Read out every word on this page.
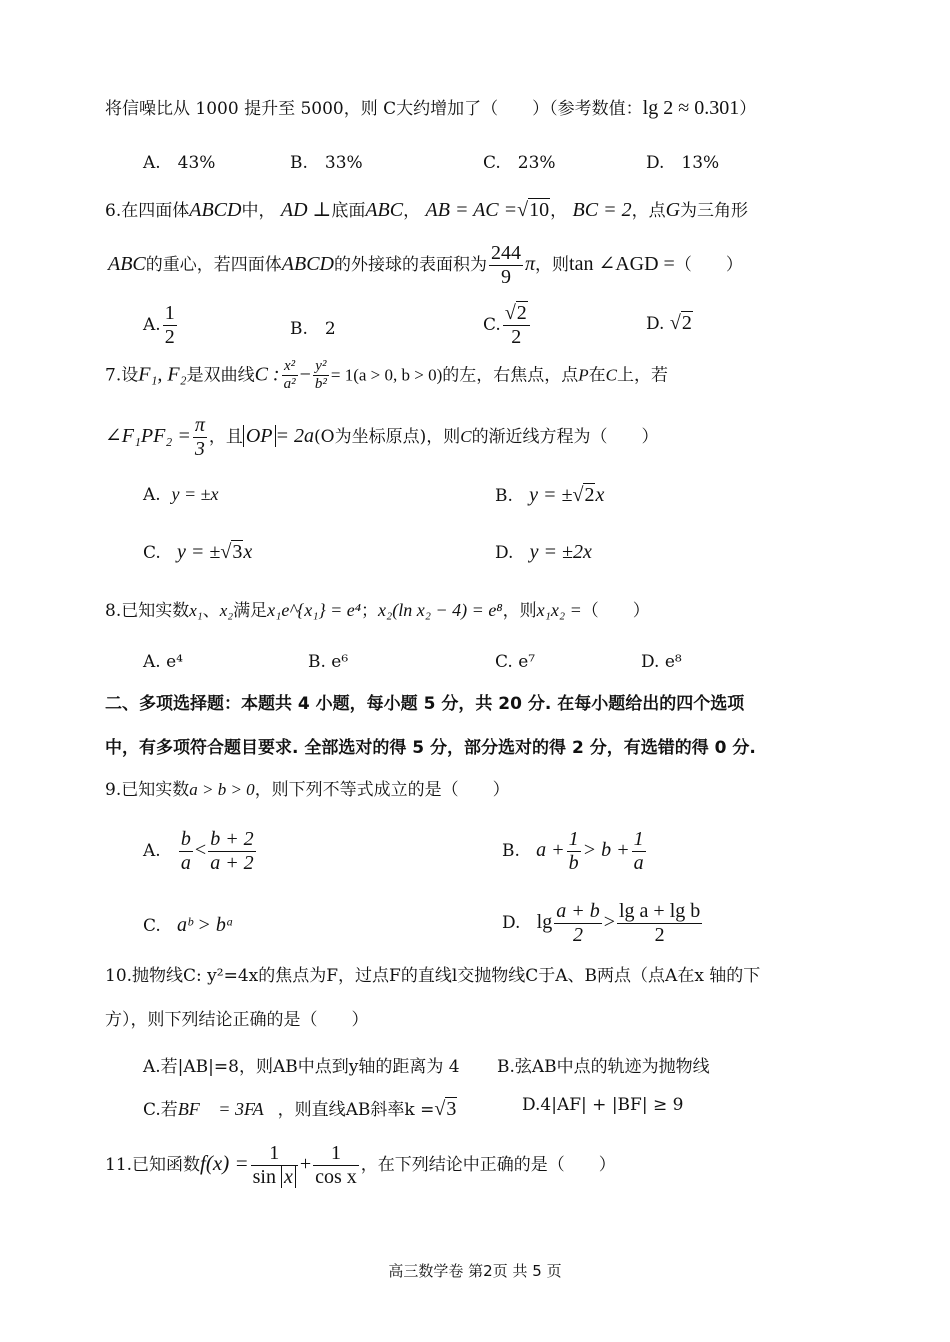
将信噪比从 1000 提升至 5000，则 C大约增加了（　　）（参考数值：lg 2 ≈ 0.301）
A.　43%	B.　33%	C.　23%	D.　13%
6.在四面体ABCD中， AD ⊥底面ABC， AB = AC =√10， BC = 2，点G为三角形
ABC的重心，若四面体ABCD的外接球的表面积为 $\frac{244}{9}$ π，则tan ∠AGD =（　　）
A. $\frac{1}{2}$	B.　2	C. $\frac{√2}{2}$	D. √2
7.设F₁, F₂是双曲线C : $\frac{\text{x²}}{\text{a²}} - \frac{\text{y²}}{\text{b²}} = 1(a > 0$, b > 0)的左，右焦点，点P在C上，若
∠F₁PF₂ = $\frac{\pi}{3}$ ，且 OP = 2a(O为坐标原点)，则C的渐近线方程为（　　）
A. y = ±x	B. y = ±√2x
C. y = ±√3x	D. y = ±2x
8.已知实数x₁、x₂满足x₁e^{x₁} = e⁴；x₂(ln x₂ − 4) = e⁸，则x₁x₂ =（　　）
A. e⁴	B. e⁶	C. e⁷	D. e⁸
二、多项选择题：本题共 4 小题，每小题 5 分，共 20 分. 在每小题给出的四个选项
中，有多项符合题目要求. 全部选对的得 5 分，部分选对的得 2 分，有选错的得 0 分.
9.已知实数a > b > 0，则下列不等式成立的是（　　）
A. $\frac{b}{a} < \frac{b + 2}{a + 2}$	B. $a + \frac{1}{b} > b + \frac{1}{a}$
C. aᵇ > bᵃ	D. $\lg \frac{a + b}{2} > \frac{\text{lg a + lg b}}{2}$
10.抛物线C: y²=4x的焦点为F，过点F的直线l交抛物线C于A、B两点（点A在x 轴的下
方），则下列结论正确的是（　　）
A.若|AB|=8，则AB中点到y轴的距离为 4 B.弦AB中点的轨迹为抛物线
C.若BF⃗ = 3FA⃗，则直线AB斜率k =√3	D.4|AF| + |BF| ≥ 9
11.已知函数$f(x) = \frac{1}{\text{sin x}} + \frac{1}{\text{cos x}}$ ，在下列结论中正确的是（　　）
高三数学卷 第2页 共 5 页
